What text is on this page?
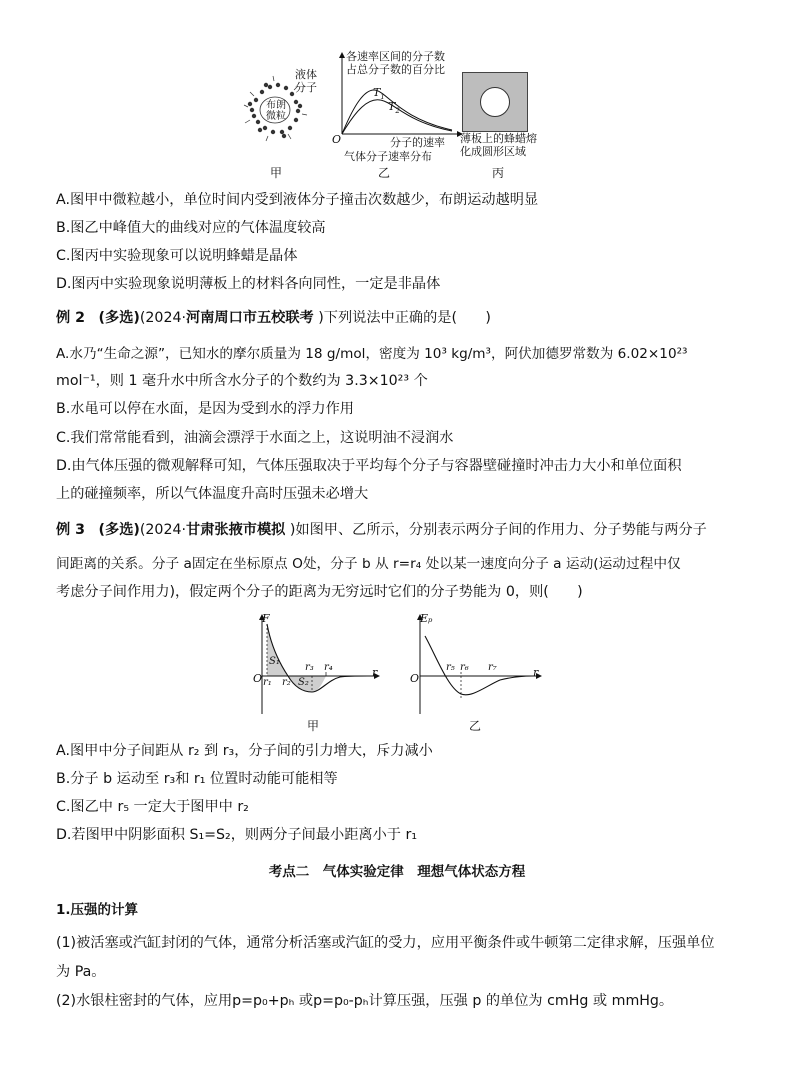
布朗微粒
液体分子
甲
各速率区间的分子数
占总分子数的百分比
$T_1$
$T_2$
O	分子的速率
气体分子速率分布
乙
薄板上的蜂蜡熔
化成圆形区域
丙
A.图甲中微粒越小，单位时间内受到液体分子撞击次数越少，布朗运动越明显
B.图乙中峰值大的曲线对应的气体温度较高
C.图丙中实验现象可以说明蜂蜡是晶体
D.图丙中实验现象说明薄板上的材料各向同性，一定是非晶体
例 2 (多选)(2024·河南周口市五校联考 )下列说法中正确的是(　　)
A.水乃“生命之源”，已知水的摩尔质量为 18 g/mol，密度为 10³ kg/m³，阿伏加德罗常数为 6.02×10²³
mol⁻¹，则 1 毫升水中所含水分子的个数约为 3.3×10²³ 个
B.水黾可以停在水面，是因为受到水的浮力作用
C.我们常常能看到，油滴会漂浮于水面之上，这说明油不浸润水
D.由气体压强的微观解释可知，气体压强取决于平均每个分子与容器壁碰撞时冲击力大小和单位面积
上的碰撞频率，所以气体温度升高时压强未必增大
例 3 (多选)(2024·甘肃张掖市模拟 )如图甲、乙所示，分别表示两分子间的作用力、分子势能与两分子
间距离的关系。分子 a固定在坐标原点 O处，分子 b 从 r=r₄ 处以某一速度向分子 a 运动(运动过程中仅
考虑分子间作用力)，假定两个分子的距离为无穷远时它们的分子势能为 0，则(　　)
F
O	r
r₁ r₂
r₃ r₄
S₁
S₂
甲
Eₚ
O	r
r₅ r₆ r₇
乙
A.图甲中分子间距从 r₂ 到 r₃，分子间的引力增大，斥力减小
B.分子 b 运动至 r₃和 r₁ 位置时动能可能相等
C.图乙中 r₅ 一定大于图甲中 r₂
D.若图甲中阴影面积 S₁=S₂，则两分子间最小距离小于 r₁
考点二　气体实验定律　理想气体状态方程
1.压强的计算
(1)被活塞或汽缸封闭的气体，通常分析活塞或汽缸的受力，应用平衡条件或牛顿第二定律求解，压强单位
为 Pa。
(2)水银柱密封的气体，应用p=p₀+pₕ 或p=p₀-pₕ计算压强，压强 p 的单位为 cmHg 或 mmHg。
